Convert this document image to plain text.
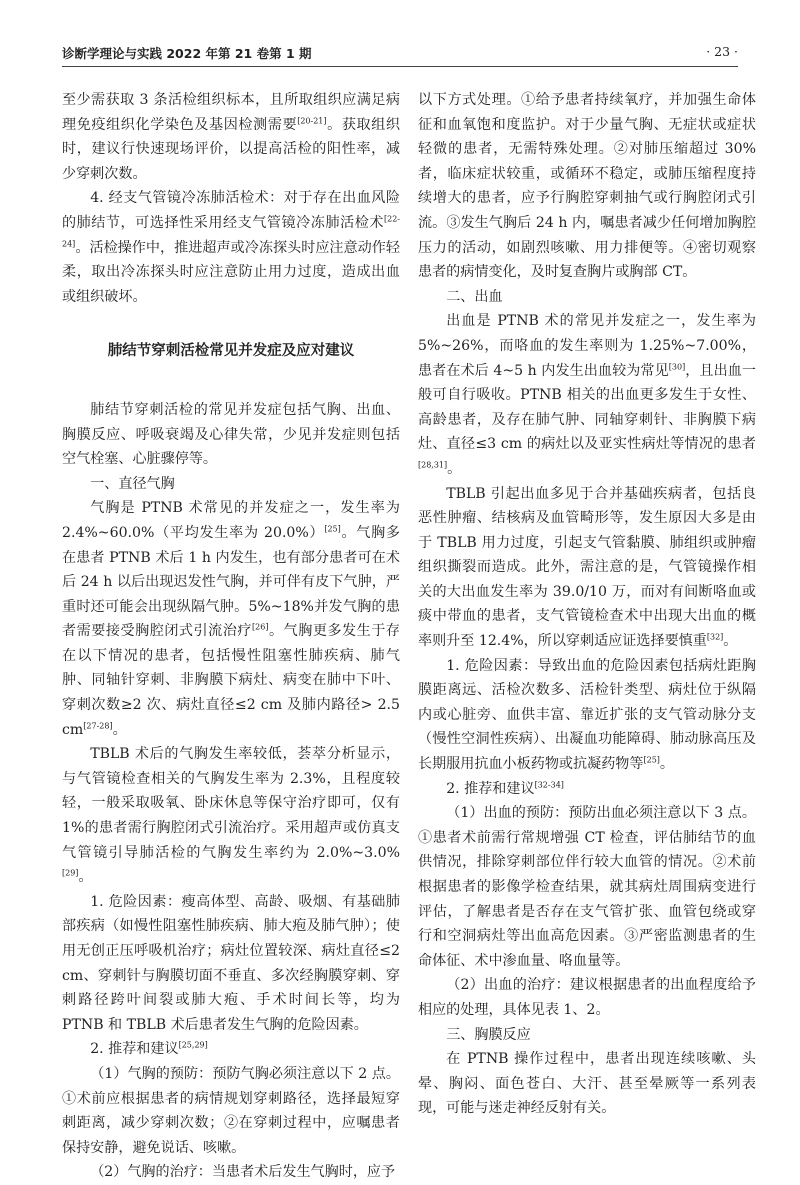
诊断学理论与实践 2022 年第 21 卷第 1 期	· 23 ·

至少需获取 3 条活检组织标本，且所取组织应满足病理免疫组织化学染色及基因检测需要[20-21]。获取组织时，建议行快速现场评价，以提高活检的阳性率，减少穿刺次数。

4. 经支气管镜冷冻肺活检术：对于存在出血风险的肺结节，可选择性采用经支气管镜冷冻肺活检术[22-24]。活检操作中，推进超声或冷冻探头时应注意动作轻柔，取出冷冻探头时应注意防止用力过度，造成出血或组织破坏。

肺结节穿刺活检常见并发症及应对建议

肺结节穿刺活检的常见并发症包括气胸、出血、胸膜反应、呼吸衰竭及心律失常，少见并发症则包括空气栓塞、心脏骤停等。

一、直径气胸

气胸是 PTNB 术常见的并发症之一，发生率为 2.4%~60.0%（平均发生率为 20.0%）[25]。气胸多在患者 PTNB 术后 1 h 内发生，也有部分患者可在术后 24 h 以后出现迟发性气胸，并可伴有皮下气肿，严重时还可能会出现纵隔气肿。5%~18%并发气胸的患者需要接受胸腔闭式引流治疗[26]。气胸更多发生于存在以下情况的患者，包括慢性阻塞性肺疾病、肺气肿、同轴针穿刺、非胸膜下病灶、病变在肺中下叶、穿刺次数≥2 次、病灶直径≤2 cm 及肺内路径> 2.5 cm[27-28]。

TBLB 术后的气胸发生率较低，荟萃分析显示，与气管镜检查相关的气胸发生率为 2.3%，且程度较轻，一般采取吸氧、卧床休息等保守治疗即可，仅有 1%的患者需行胸腔闭式引流治疗。采用超声或仿真支气管镜引导肺活检的气胸发生率约为 2.0%~3.0%[29]。

1. 危险因素：瘦高体型、高龄、吸烟、有基础肺部疾病（如慢性阻塞性肺疾病、肺大疱及肺气肿）；使用无创正压呼吸机治疗；病灶位置较深、病灶直径≤2 cm、穿刺针与胸膜切面不垂直、多次经胸膜穿刺、穿刺路径跨叶间裂或肺大疱、手术时间长等，均为 PTNB 和 TBLB 术后患者发生气胸的危险因素。

2. 推荐和建议[25,29]

（1）气胸的预防：预防气胸必须注意以下 2 点。①术前应根据患者的病情规划穿刺路径，选择最短穿刺距离，减少穿刺次数；②在穿刺过程中，应嘱患者保持安静，避免说话、咳嗽。

（2）气胸的治疗：当患者术后发生气胸时，应予

以下方式处理。①给予患者持续氧疗，并加强生命体征和血氧饱和度监护。对于少量气胸、无症状或症状轻微的患者，无需特殊处理。②对肺压缩超过 30%者，临床症状较重，或循环不稳定，或肺压缩程度持续增大的患者，应予行胸腔穿刺抽气或行胸腔闭式引流。③发生气胸后 24 h 内，嘱患者减少任何增加胸腔压力的活动，如剧烈咳嗽、用力排便等。④密切观察患者的病情变化，及时复查胸片或胸部 CT。

二、出血

出血是 PTNB 术的常见并发症之一，发生率为 5%~26%，而咯血的发生率则为 1.25%~7.00%，患者在术后 4~5 h 内发生出血较为常见[30]，且出血一般可自行吸收。PTNB 相关的出血更多发生于女性、高龄患者，及存在肺气肿、同轴穿刺针、非胸膜下病灶、直径≤3 cm 的病灶以及亚实性病灶等情况的患者[28,31]。

TBLB 引起出血多见于合并基础疾病者，包括良恶性肿瘤、结核病及血管畸形等，发生原因大多是由于 TBLB 用力过度，引起支气管黏膜、肺组织或肿瘤组织撕裂而造成。此外，需注意的是，气管镜操作相关的大出血发生率为 39.0/10 万，而对有间断咯血或痰中带血的患者，支气管镜检查术中出现大出血的概率则升至 12.4%，所以穿刺适应证选择要慎重[32]。

1. 危险因素：导致出血的危险因素包括病灶距胸膜距离远、活检次数多、活检针类型、病灶位于纵隔内或心脏旁、血供丰富、靠近扩张的支气管动脉分支（慢性空洞性疾病）、出凝血功能障碍、肺动脉高压及长期服用抗血小板药物或抗凝药物等[25]。

2. 推荐和建议[32-34]

（1）出血的预防：预防出血必须注意以下 3 点。①患者术前需行常规增强 CT 检查，评估肺结节的血供情况，排除穿刺部位伴行较大血管的情况。②术前根据患者的影像学检查结果，就其病灶周围病变进行评估，了解患者是否存在支气管扩张、血管包绕或穿行和空洞病灶等出血高危因素。③严密监测患者的生命体征、术中渗血量、咯血量等。

（2）出血的治疗：建议根据患者的出血程度给予相应的处理，具体见表 1、2。

三、胸膜反应

在 PTNB 操作过程中，患者出现连续咳嗽、头晕、胸闷、面色苍白、大汗、甚至晕厥等一系列表现，可能与迷走神经反射有关。
